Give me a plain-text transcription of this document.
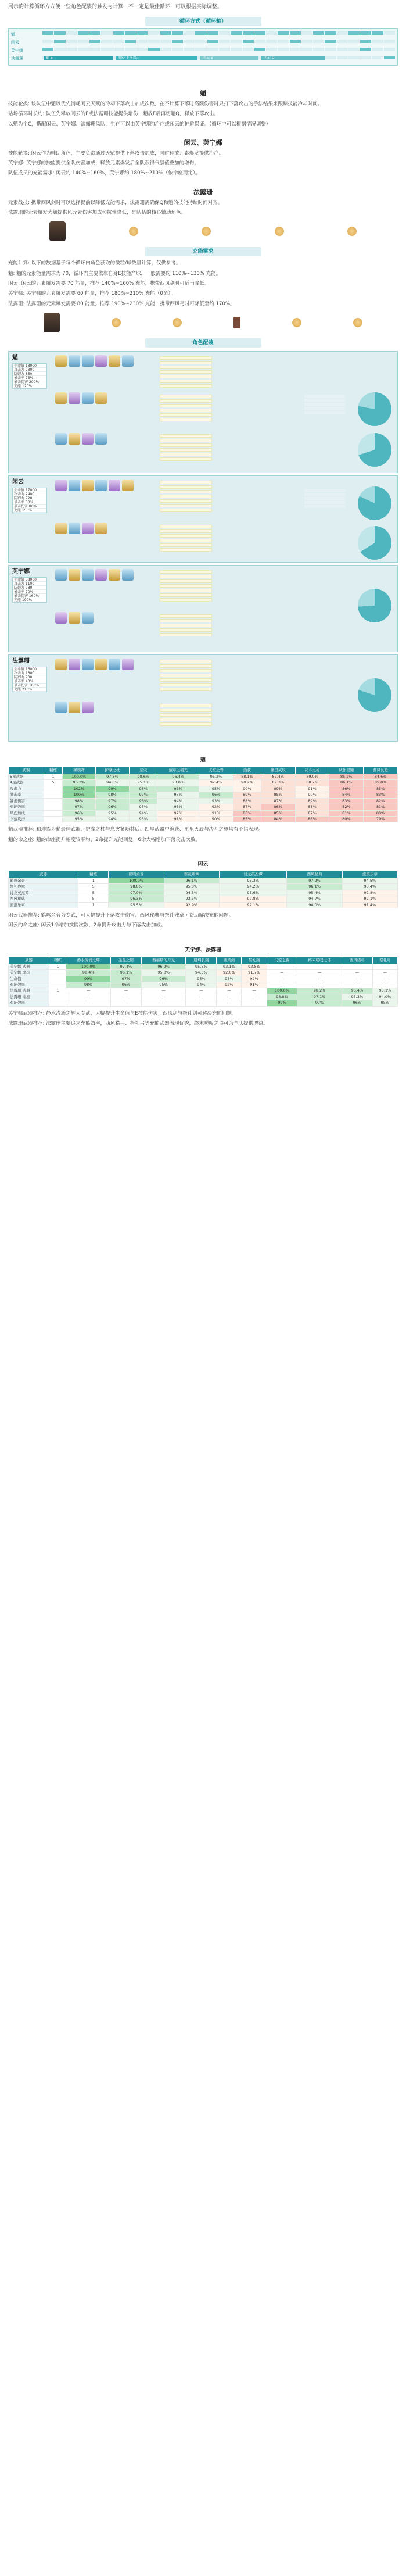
展示的计算循环方方便一些角色配装的触发与计算，不一定是最佳循环，可以根据实际调整。
循环方式（循环轴）
魈
闲云
芙宁娜
法露珊	魈 E	魈Q 下落攻击	闲云 E	闲云 Q
魈
技能轮换: 该队伍中魈以优先消耗闲云天赋的冷却下落攻击加成次数，在不计算下落时高额伤害时只打下落攻击的手法结果来跟踪技能冷却时间。
站场循环时长约: 队伍先释放闲云的E或法露珊技能提供增伤，魈放E后再切魈Q，释放下落攻击。
以魈为主C，搭配闲云、芙宁娜、法露珊风队，生存可以由芙宁娜的治疗或闲云的护盾保证。（循环中可以根据情况调整）
闲云、芙宁娜
技能轮换: 闲云作为辅助角色，主要负责通过天赋提供下落攻击加成，同时释放元素爆发提供治疗。
芙宁娜: 芙宁娜的技能提供全队伤害加成，释放元素爆发后全队获得气氛值叠加的增伤。
队伍成员的充能需求: 闲云约 140%~160%，芙宁娜约 180%~210%（依命座而定）。
法露珊
元素战技: 携带西风剑时可以选择提前以降低充能需求，法露珊需确保Q和魈的技能持续时间对齐。
法露珊的元素爆发为魈提供风元素伤害加成和抗性降低，是队伍的核心辅助角色。
充能需求
充能计算: 以下的数据基于每个循环内角色获取的微粒/球数量计算，仅供参考。
魈: 魈的元素能量需求为 70，循环内主要依靠自身E技能产球，一般需要约 110%~130% 充能。
闲云: 闲云的元素爆发需要 70 能量，推荐 140%~160% 充能，携带西风剑时可适当降低。
芙宁娜: 芙宁娜的元素爆发需要 60 能量，推荐 180%~210% 充能（0命）。
法露珊: 法露珊的元素爆发需要 80 能量，推荐 190%~230% 充能，携带西风弓时可降低至约 170%。
角色配装
魈
生命值 18000
攻击力 2300
防御力 850
暴击率 75%
暴击伤害 200%
充能 120%
闲云
生命值 17000
攻击力 2400
防御力 720
暴击率 30%
暴击伤害 80%
充能 150%
芙宁娜
生命值 38000
攻击力 1100
防御力 780
暴击率 70%
暴击伤害 160%
充能 190%
法露珊
生命值 16000
攻击力 1300
防御力 700
暴击率 40%
暴击伤害 100%
充能 210%
魈
武器	精炼	和璞鸢	护摩之杖	息灾	薙草之稻光	天空之脊	渔获	匣里灭辰	决斗之枪	试作星镰	西风长枪
5星武器	1	100.0%	97.8%	98.6%	96.4%	95.2%	88.1%	87.4%	89.0%	85.2%	84.6%
4星武器	5	96.3%	94.8%	95.1%	93.0%	92.4%	90.2%	89.3%	88.7%	86.1%	85.0%
攻击力		102%	99%	98%	96%	95%	90%	89%	91%	86%	85%
暴击率		100%	98%	97%	95%	96%	89%	88%	90%	84%	83%
暴击伤害		98%	97%	96%	94%	93%	88%	87%	89%	83%	82%
充能效率		97%	96%	95%	93%	92%	87%	86%	88%	82%	81%
风伤加成		96%	95%	94%	92%	91%	86%	85%	87%	81%	80%
下落攻击		95%	94%	93%	91%	90%	85%	84%	86%	80%	79%
魈武器推荐: 和璞鸢为魈最佳武器，护摩之杖与息灾紧随其后。四星武器中渔获、匣里灭辰与决斗之枪均有不错表现。
魈的命之座: 魈的命座提升幅度较平均，2命提升充能回复，6命大幅增加下落攻击次数。
闲云
武器	精炼	鹤鸣余音	祭礼残章	讨龙英杰谭	西风秘典	流浪乐章
鹤鸣余音	1	100.0%	96.1%	95.3%	97.2%	94.5%
祭礼残章	5	98.0%	95.0%	94.2%	96.1%	93.4%
讨龙英杰谭	5	97.0%	94.3%	93.6%	95.4%	92.8%
西风秘典	5	96.3%	93.5%	92.8%	94.7%	92.1%
流浪乐章	1	95.5%	92.9%	92.1%	94.0%	91.4%
闲云武器推荐: 鹤鸣余音为专武，可大幅提升下落攻击伤害；西风秘典与祭礼残章可帮助解决充能问题。
闲云的命之座: 闲云1命增加技能次数，2命提升攻击力与下落攻击加成。
芙宁娜、法露珊
武器	精炼	静水流涌之辉	圣显之钥	西福斯的月光	船坞长剑	西风剑	祭礼剑	天空之翼	终末嗟叹之诗	西风猎弓	祭礼弓
芙宁娜 武器	1	100.0%	97.4%	96.2%	95.5%	93.1%	92.8%	—	—	—	—
芙宁娜 命座		98.4%	96.1%	95.0%	94.3%	92.0%	91.7%	—	—	—	—
生命值		99%	97%	96%	95%	93%	92%	—	—	—	—
充能效率		98%	96%	95%	94%	92%	91%	—	—	—	—
法露珊 武器	1	—	—	—	—	—	—	100.0%	98.2%	96.4%	95.1%
法露珊 命座		—	—	—	—	—	—	98.8%	97.1%	95.3%	94.0%
充能效率		—	—	—	—	—	—	99%	97%	96%	95%
芙宁娜武器推荐: 静水流涌之辉为专武，大幅提升生命值与E技能伤害；西风剑与祭礼剑可解决充能问题。
法露珊武器推荐: 法露珊主要追求充能效率，西风猎弓、祭礼弓等充能武器表现优秀，终末嗟叹之诗可为全队提供增益。
